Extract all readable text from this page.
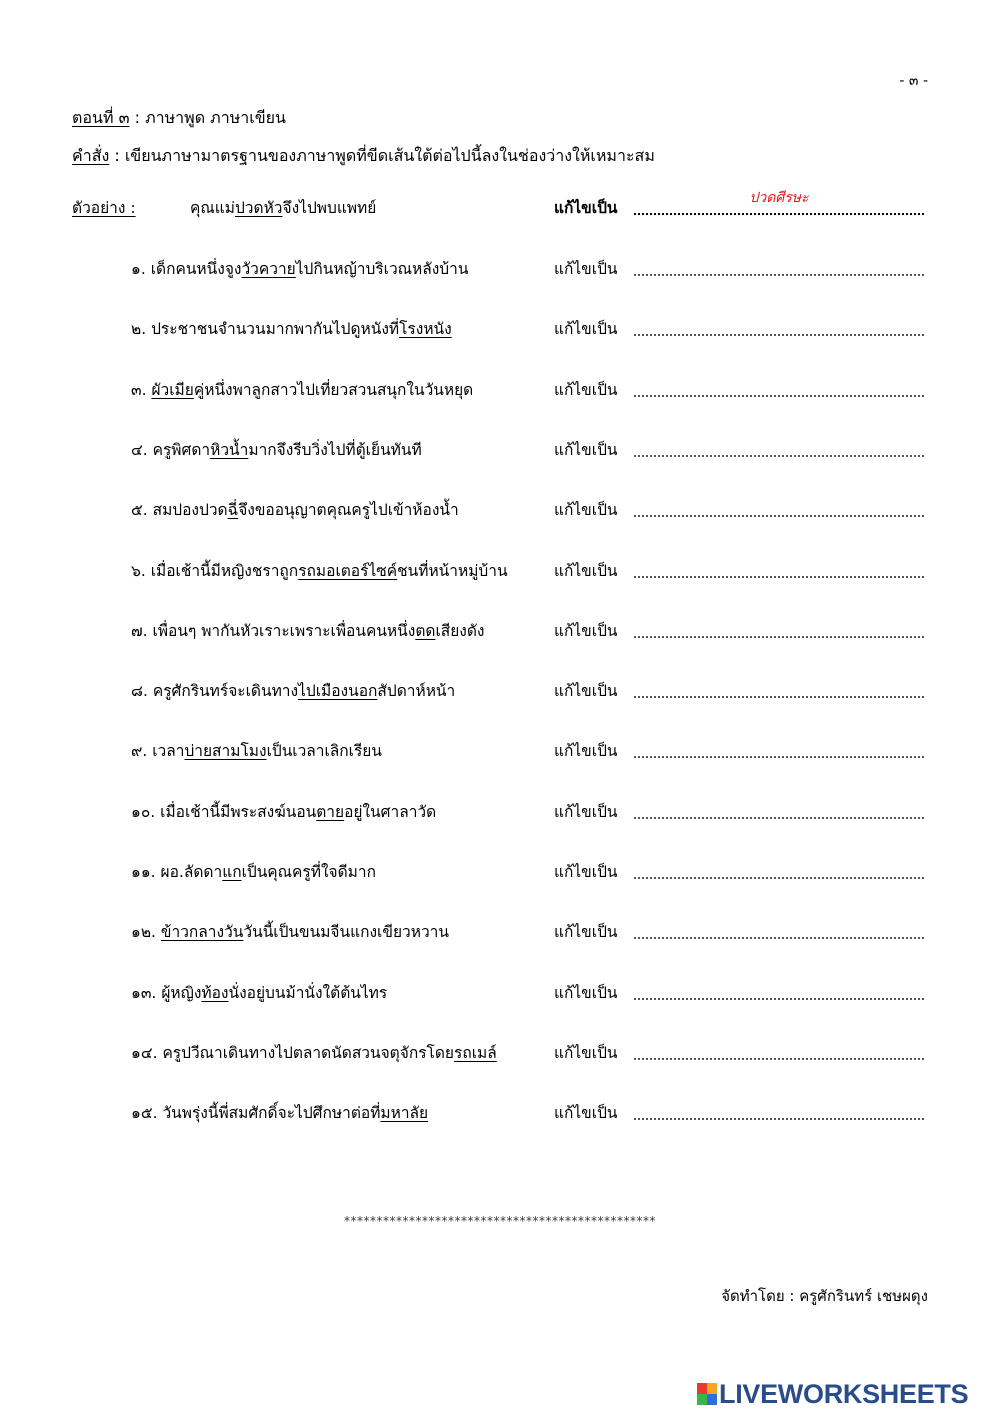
- ๓ -
ตอนที่ ๓ : ภาษาพูด ภาษาเขียน
คำสั่ง : เขียนภาษามาตรฐานของภาษาพูดที่ขีดเส้นใต้ต่อไปนี้ลงในช่องว่างให้เหมาะสม
ตัวอย่าง :	คุณแม่ปวดหัวจึงไปพบแพทย์	แก้ไขเป็น
ปวดศีรษะ
๑. เด็กคนหนึ่งจูงวัวควายไปกินหญ้าบริเวณหลังบ้าน	แก้ไขเป็น
๒. ประชาชนจำนวนมากพากันไปดูหนังที่โรงหนัง	แก้ไขเป็น
๓. ผัวเมียคู่หนึ่งพาลูกสาวไปเที่ยวสวนสนุกในวันหยุด	แก้ไขเป็น
๔. ครูพิศดาหิวน้ำมากจึงรีบวิ่งไปที่ตู้เย็นทันที	แก้ไขเป็น
๕. สมปองปวดฉี่จึงขออนุญาตคุณครูไปเข้าห้องน้ำ	แก้ไขเป็น
๖. เมื่อเช้านี้มีหญิงชราถูกรถมอเตอร์ไซค์ชนที่หน้าหมู่บ้าน	แก้ไขเป็น
๗. เพื่อนๆ พากันหัวเราะเพราะเพื่อนคนหนึ่งตดเสียงดัง	แก้ไขเป็น
๘. ครูศักรินทร์จะเดินทางไปเมืองนอกสัปดาห์หน้า	แก้ไขเป็น
๙. เวลาบ่ายสามโมงเป็นเวลาเลิกเรียน	แก้ไขเป็น
๑๐. เมื่อเช้านี้มีพระสงฆ์นอนตายอยู่ในศาลาวัด	แก้ไขเป็น
๑๑. ผอ.ลัดดาแกเป็นคุณครูที่ใจดีมาก	แก้ไขเป็น
๑๒. ข้าวกลางวันวันนี้เป็นขนมจีนแกงเขียวหวาน	แก้ไขเป็น
๑๓. ผู้หญิงท้องนั่งอยู่บนม้านั่งใต้ต้นไทร	แก้ไขเป็น
๑๔. ครูปวีณาเดินทางไปตลาดนัดสวนจตุจักรโดยรถเมล์	แก้ไขเป็น
๑๕. วันพรุ่งนี้พี่สมศักดิ์จะไปศึกษาต่อที่มหาลัย	แก้ไขเป็น
************************************************
จัดทำโดย : ครูศักรินทร์ เชษผดุง
LIVEWORKSHEETS
